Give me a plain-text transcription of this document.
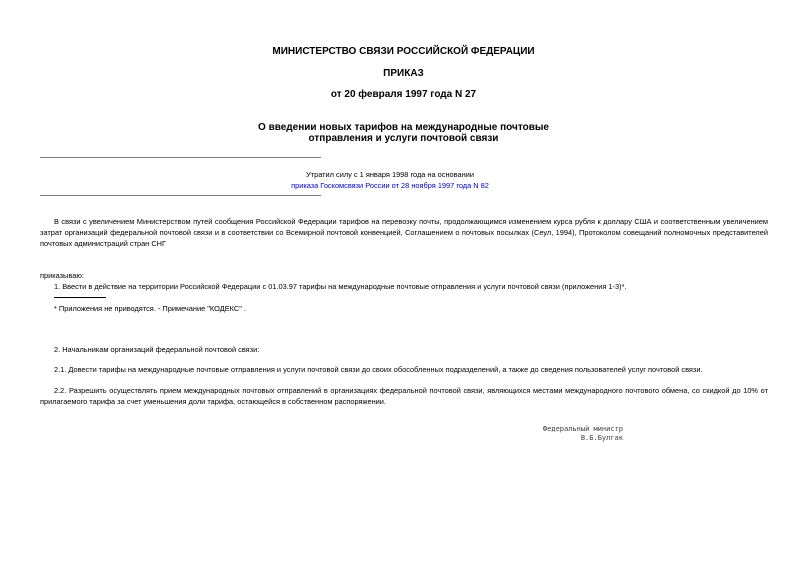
МИНИСТЕРСТВО СВЯЗИ РОССИЙСКОЙ ФЕДЕРАЦИИ
ПРИКАЗ
от 20 февраля 1997 года N 27
О введении новых тарифов на международные почтовые
отправления и услуги почтовой связи
Утратил силу с 1 января 1998 года на основании
приказа Госкомсвязи России от 28 ноября 1997 года N 82
В связи с увеличением Министерством путей сообщения Российской Федерации тарифов на перевозку почты, продолжающимся изменением курса рубля к доллару США и соответственным увеличением затрат организаций федеральной почтовой связи и в соответствии со Всемирной почтовой конвенцией, Соглашением о почтовых посылках (Сеул, 1994), Протоколом совещаний полномочных представителей почтовых администраций стран СНГ
приказываю:
1. Ввести в действие на территории Российской Федерации с 01.03.97 тарифы на международные почтовые отправления и услуги почтовой связи (приложения 1-3)*.
* Приложения не приводятся. - Примечание "КОДЕКС" .
2. Начальникам организаций федеральной почтовой связи:
2.1. Довести тарифы на международные почтовые отправления и услуги почтовой связи до своих обособленных подразделений, а также до сведения пользователей услуг почтовой связи.
2.2. Разрешить осуществлять прием международных почтовых отправлений в организациях федеральной почтовой связи, являющихся местами международного почтового обмена, со скидкой до 10% от прилагаемого тарифа за счет уменьшения доли тарифа, остающейся в собственном распоряжении.
Федеральный министр
В.Б.Булгак
